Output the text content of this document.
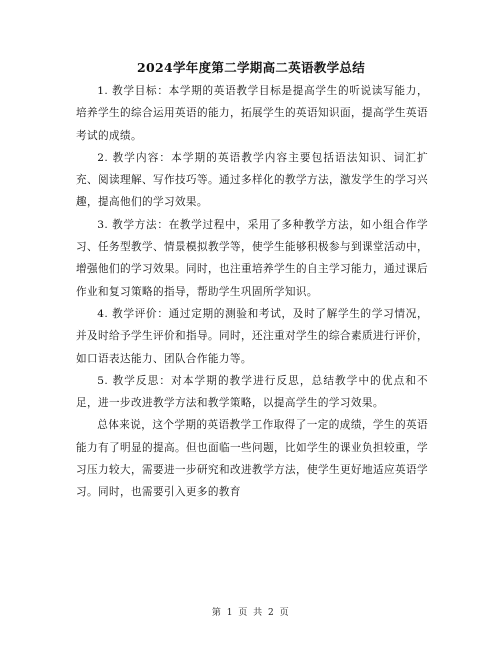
2024学年度第二学期高二英语教学总结

1. 教学目标：本学期的英语教学目标是提高学生的听说读写能力，培养学生的综合运用英语的能力，拓展学生的英语知识面，提高学生英语考试的成绩。

2. 教学内容：本学期的英语教学内容主要包括语法知识、词汇扩充、阅读理解、写作技巧等。通过多样化的教学方法，激发学生的学习兴趣，提高他们的学习效果。

3. 教学方法：在教学过程中，采用了多种教学方法，如小组合作学习、任务型教学、情景模拟教学等，使学生能够积极参与到课堂活动中，增强他们的学习效果。同时，也注重培养学生的自主学习能力，通过课后作业和复习策略的指导，帮助学生巩固所学知识。

4. 教学评价：通过定期的测验和考试，及时了解学生的学习情况，并及时给予学生评价和指导。同时，还注重对学生的综合素质进行评价，如口语表达能力、团队合作能力等。

5. 教学反思：对本学期的教学进行反思，总结教学中的优点和不足，进一步改进教学方法和教学策略，以提高学生的学习效果。

总体来说，这个学期的英语教学工作取得了一定的成绩，学生的英语能力有了明显的提高。但也面临一些问题，比如学生的课业负担较重，学习压力较大，需要进一步研究和改进教学方法，使学生更好地适应英语学习。同时，也需要引入更多的教育

第 1 页 共 2 页
